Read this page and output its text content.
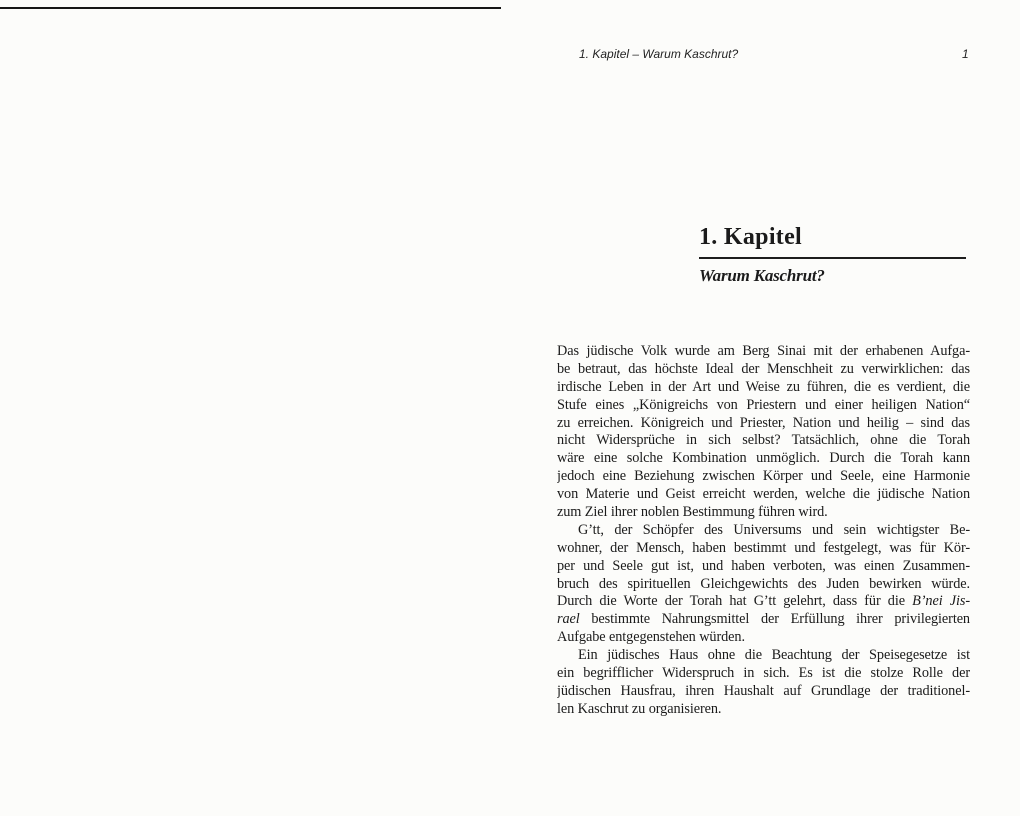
1. Kapitel – Warum Kaschrut?	1
1. Kapitel
Warum Kaschrut?
Das jüdische Volk wurde am Berg Sinai mit der erhabenen Aufga-
be betraut, das höchste Ideal der Menschheit zu verwirklichen: das
irdische Leben in der Art und Weise zu führen, die es verdient, die
Stufe eines „Königreichs von Priestern und einer heiligen Nation“
zu erreichen. Königreich und Priester, Nation und heilig – sind das
nicht Widersprüche in sich selbst? Tatsächlich, ohne die Torah
wäre eine solche Kombination unmöglich. Durch die Torah kann
jedoch eine Beziehung zwischen Körper und Seele, eine Harmonie
von Materie und Geist erreicht werden, welche die jüdische Nation
zum Ziel ihrer noblen Bestimmung führen wird.
G’tt, der Schöpfer des Universums und sein wichtigster Be-
wohner, der Mensch, haben bestimmt und festgelegt, was für Kör-
per und Seele gut ist, und haben verboten, was einen Zusammen-
bruch des spirituellen Gleichgewichts des Juden bewirken würde.
Durch die Worte der Torah hat G’tt gelehrt, dass für die B’nei Jis-
rael bestimmte Nahrungsmittel der Erfüllung ihrer privilegierten
Aufgabe entgegenstehen würden.
Ein jüdisches Haus ohne die Beachtung der Speisegesetze ist
ein begrifflicher Widerspruch in sich. Es ist die stolze Rolle der
jüdischen Hausfrau, ihren Haushalt auf Grundlage der traditionel-
len Kaschrut zu organisieren.
